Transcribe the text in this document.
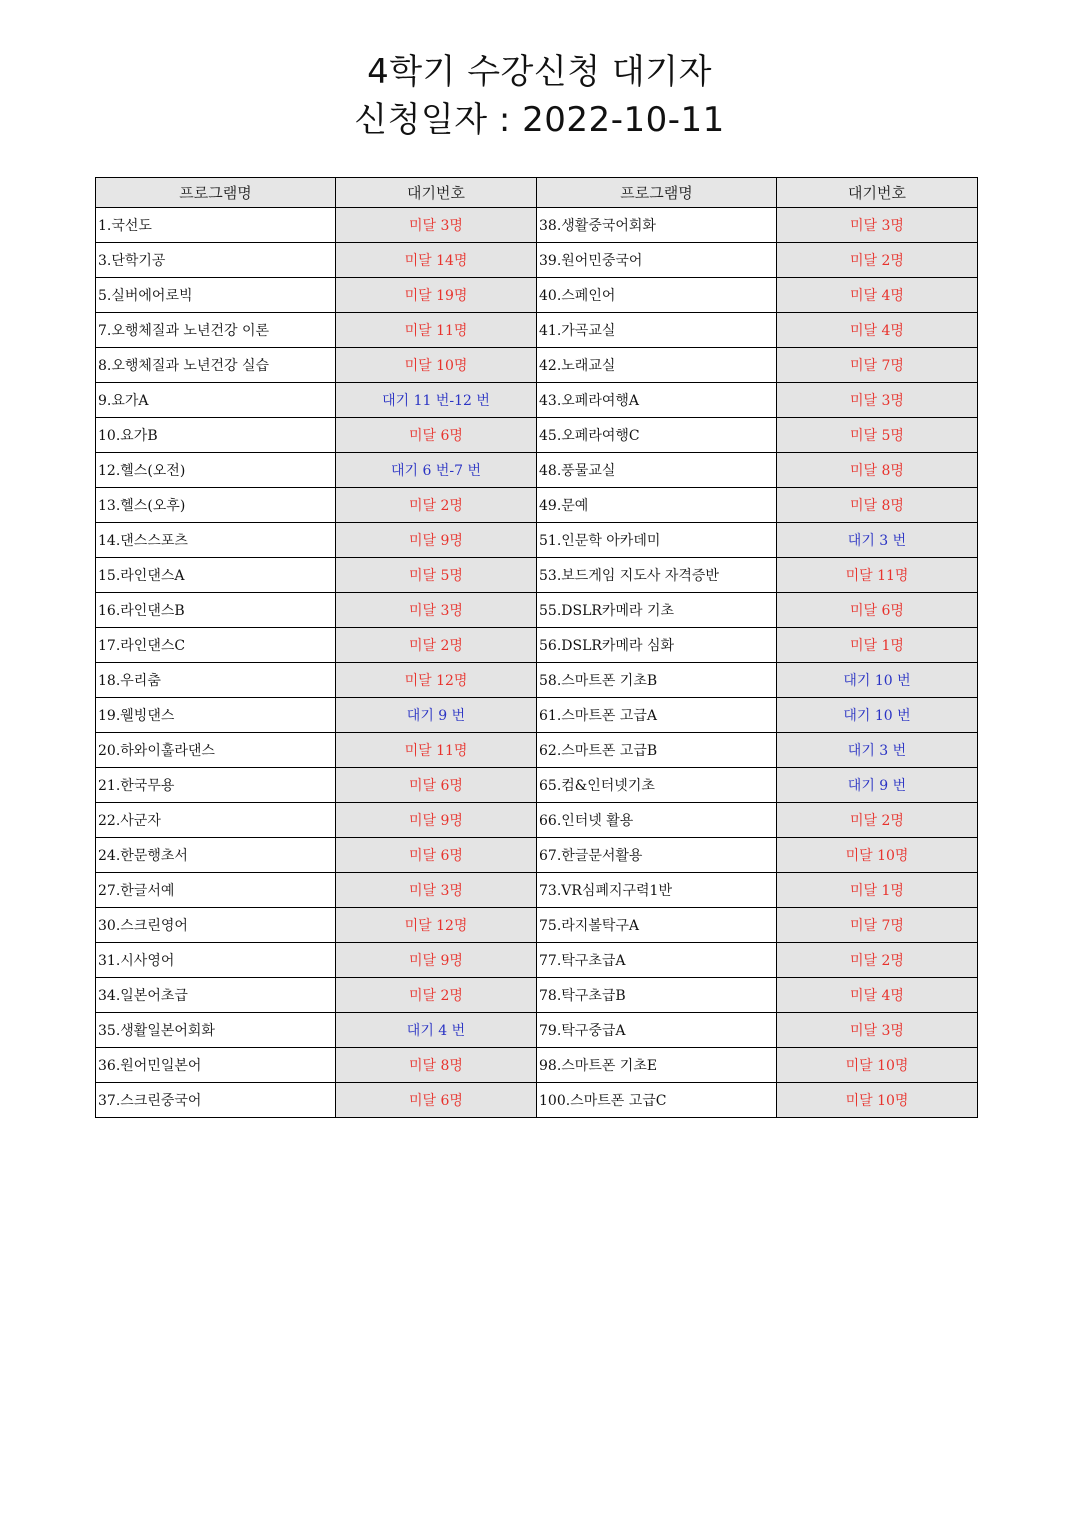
4학기 수강신청 대기자
신청일자 : 2022-10-11
프로그램명	대기번호	프로그램명	대기번호
1.국선도	미달 3명	38.생활중국어회화	미달 3명
3.단학기공	미달 14명	39.원어민중국어	미달 2명
5.실버에어로빅	미달 19명	40.스페인어	미달 4명
7.오행체질과 노년건강 이론	미달 11명	41.가곡교실	미달 4명
8.오행체질과 노년건강 실습	미달 10명	42.노래교실	미달 7명
9.요가A	대기 11 번-12 번	43.오페라여행A	미달 3명
10.요가B	미달 6명	45.오페라여행C	미달 5명
12.헬스(오전)	대기 6 번-7 번	48.풍물교실	미달 8명
13.헬스(오후)	미달 2명	49.문예	미달 8명
14.댄스스포츠	미달 9명	51.인문학 아카데미	대기 3 번
15.라인댄스A	미달 5명	53.보드게임 지도사 자격증반	미달 11명
16.라인댄스B	미달 3명	55.DSLR카메라 기초	미달 6명
17.라인댄스C	미달 2명	56.DSLR카메라 심화	미달 1명
18.우리춤	미달 12명	58.스마트폰 기초B	대기 10 번
19.웰빙댄스	대기 9 번	61.스마트폰 고급A	대기 10 번
20.하와이훌라댄스	미달 11명	62.스마트폰 고급B	대기 3 번
21.한국무용	미달 6명	65.컴&인터넷기초	대기 9 번
22.사군자	미달 9명	66.인터넷 활용	미달 2명
24.한문행초서	미달 6명	67.한글문서활용	미달 10명
27.한글서예	미달 3명	73.VR심폐지구력1반	미달 1명
30.스크린영어	미달 12명	75.라지볼탁구A	미달 7명
31.시사영어	미달 9명	77.탁구초급A	미달 2명
34.일본어초급	미달 2명	78.탁구초급B	미달 4명
35.생활일본어회화	대기 4 번	79.탁구중급A	미달 3명
36.원어민일본어	미달 8명	98.스마트폰 기초E	미달 10명
37.스크린중국어	미달 6명	100.스마트폰 고급C	미달 10명
